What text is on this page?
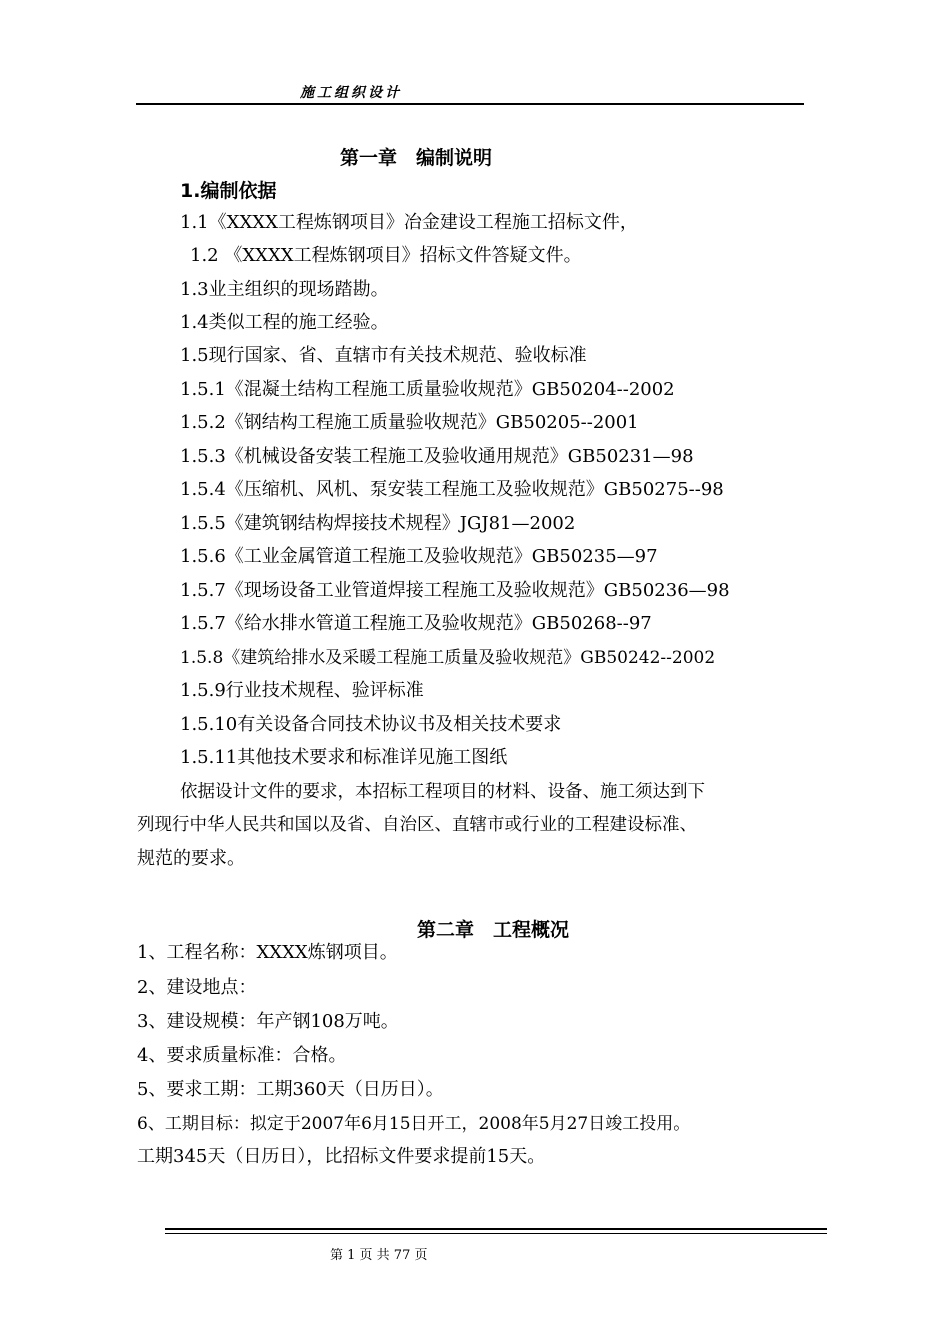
施工组织设计
第一章　编制说明
1.编制依据
1.1《XXXX工程炼钢项目》冶金建设工程施工招标文件，
1.2 《XXXX工程炼钢项目》招标文件答疑文件。
1.3业主组织的现场踏勘。
1.4类似工程的施工经验。
1.5现行国家、省、直辖市有关技术规范、验收标准
1.5.1《混凝土结构工程施工质量验收规范》GB50204--2002
1.5.2《钢结构工程施工质量验收规范》GB50205--2001
1.5.3《机械设备安装工程施工及验收通用规范》GB50231—98
1.5.4《压缩机、风机、泵安装工程施工及验收规范》GB50275--98
1.5.5《建筑钢结构焊接技术规程》JGJ81—2002
1.5.6《工业金属管道工程施工及验收规范》GB50235—97
1.5.7《现场设备工业管道焊接工程施工及验收规范》GB50236—98
1.5.7《给水排水管道工程施工及验收规范》GB50268--97
1.5.8《建筑给排水及采暖工程施工质量及验收规范》GB50242--2002
1.5.9行业技术规程、验评标准
1.5.10有关设备合同技术协议书及相关技术要求
1.5.11其他技术要求和标准详见施工图纸
依据设计文件的要求，本招标工程项目的材料、设备、施工须达到下
列现行中华人民共和国以及省、自治区、直辖市或行业的工程建设标准、
规范的要求。
第二章　工程概况
1、工程名称：XXXX炼钢项目。
2、建设地点：
3、建设规模：年产钢108万吨。
4、要求质量标准：合格。
5、要求工期：工期360天（日历日）。
6、工期目标：拟定于2007年6月15日开工，2008年5月27日竣工投用。
工期345天（日历日），比招标文件要求提前15天。
第 1 页 共 77 页
